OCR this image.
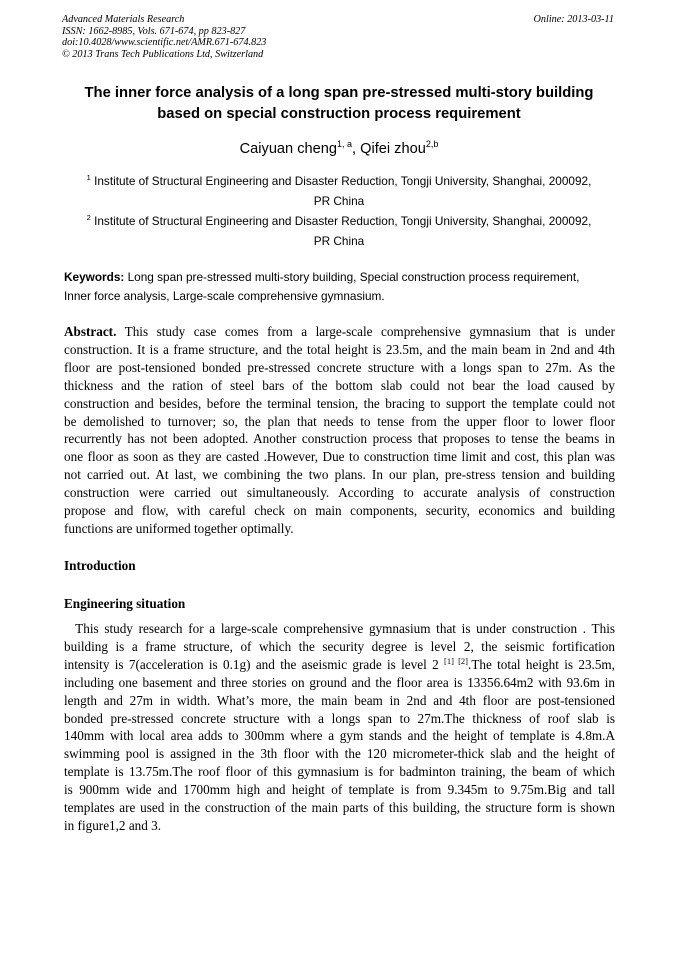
Advanced Materials Research
ISSN: 1662-8985, Vols. 671-674, pp 823-827
doi:10.4028/www.scientific.net/AMR.671-674.823
© 2013 Trans Tech Publications Ltd, Switzerland
Online: 2013-03-11
The inner force analysis of a long span pre-stressed multi-story building
based on special construction process requirement
Caiyuan cheng$^{1, a}$, Qifei zhou$^{2,b}$
$^1$ Institute of Structural Engineering and Disaster Reduction, Tongji University, Shanghai, 200092,
PR China
$^2$ Institute of Structural Engineering and Disaster Reduction, Tongji University, Shanghai, 200092,
PR China
Keywords: Long span pre-stressed multi-story building, Special construction process requirement,
Inner force analysis, Large-scale comprehensive gymnasium.
Abstract. This study case comes from a large-scale comprehensive gymnasium that is under
construction. It is a frame structure, and the total height is 23.5m, and the main beam in 2nd and 4th
floor are post-tensioned bonded pre-stressed concrete structure with a longs span to 27m. As the
thickness and the ration of steel bars of the bottom slab could not bear the load caused by
construction and besides, before the terminal tension, the bracing to support the template could not
be demolished to turnover; so, the plan that needs to tense from the upper floor to lower floor
recurrently has not been adopted. Another construction process that proposes to tense the beams in
one floor as soon as they are casted .However, Due to construction time limit and cost, this plan was
not carried out. At last, we combining the two plans. In our plan, pre-stress tension and building
construction were carried out simultaneously. According to accurate analysis of construction
propose and flow, with careful check on main components, security, economics and building
functions are uniformed together optimally.
Introduction
Engineering situation
This study research for a large-scale comprehensive gymnasium that is under construction . This
building is a frame structure, of which the security degree is level 2, the seismic fortification
intensity is 7(acceleration is 0.1g) and the aseismic grade is level 2 [1] [2].The total height is 23.5m,
including one basement and three stories on ground and the floor area is 13356.64m2 with 93.6m in
length and 27m in width. What’s more, the main beam in 2nd and 4th floor are post-tensioned
bonded pre-stressed concrete structure with a longs span to 27m.The thickness of roof slab is
140mm with local area adds to 300mm where a gym stands and the height of template is 4.8m.A
swimming pool is assigned in the 3th floor with the 120 micrometer-thick slab and the height of
template is 13.75m.The roof floor of this gymnasium is for badminton training, the beam of which
is 900mm wide and 1700mm high and height of template is from 9.345m to 9.75m.Big and tall
templates are used in the construction of the main parts of this building, the structure form is shown
in figure1,2 and 3.
